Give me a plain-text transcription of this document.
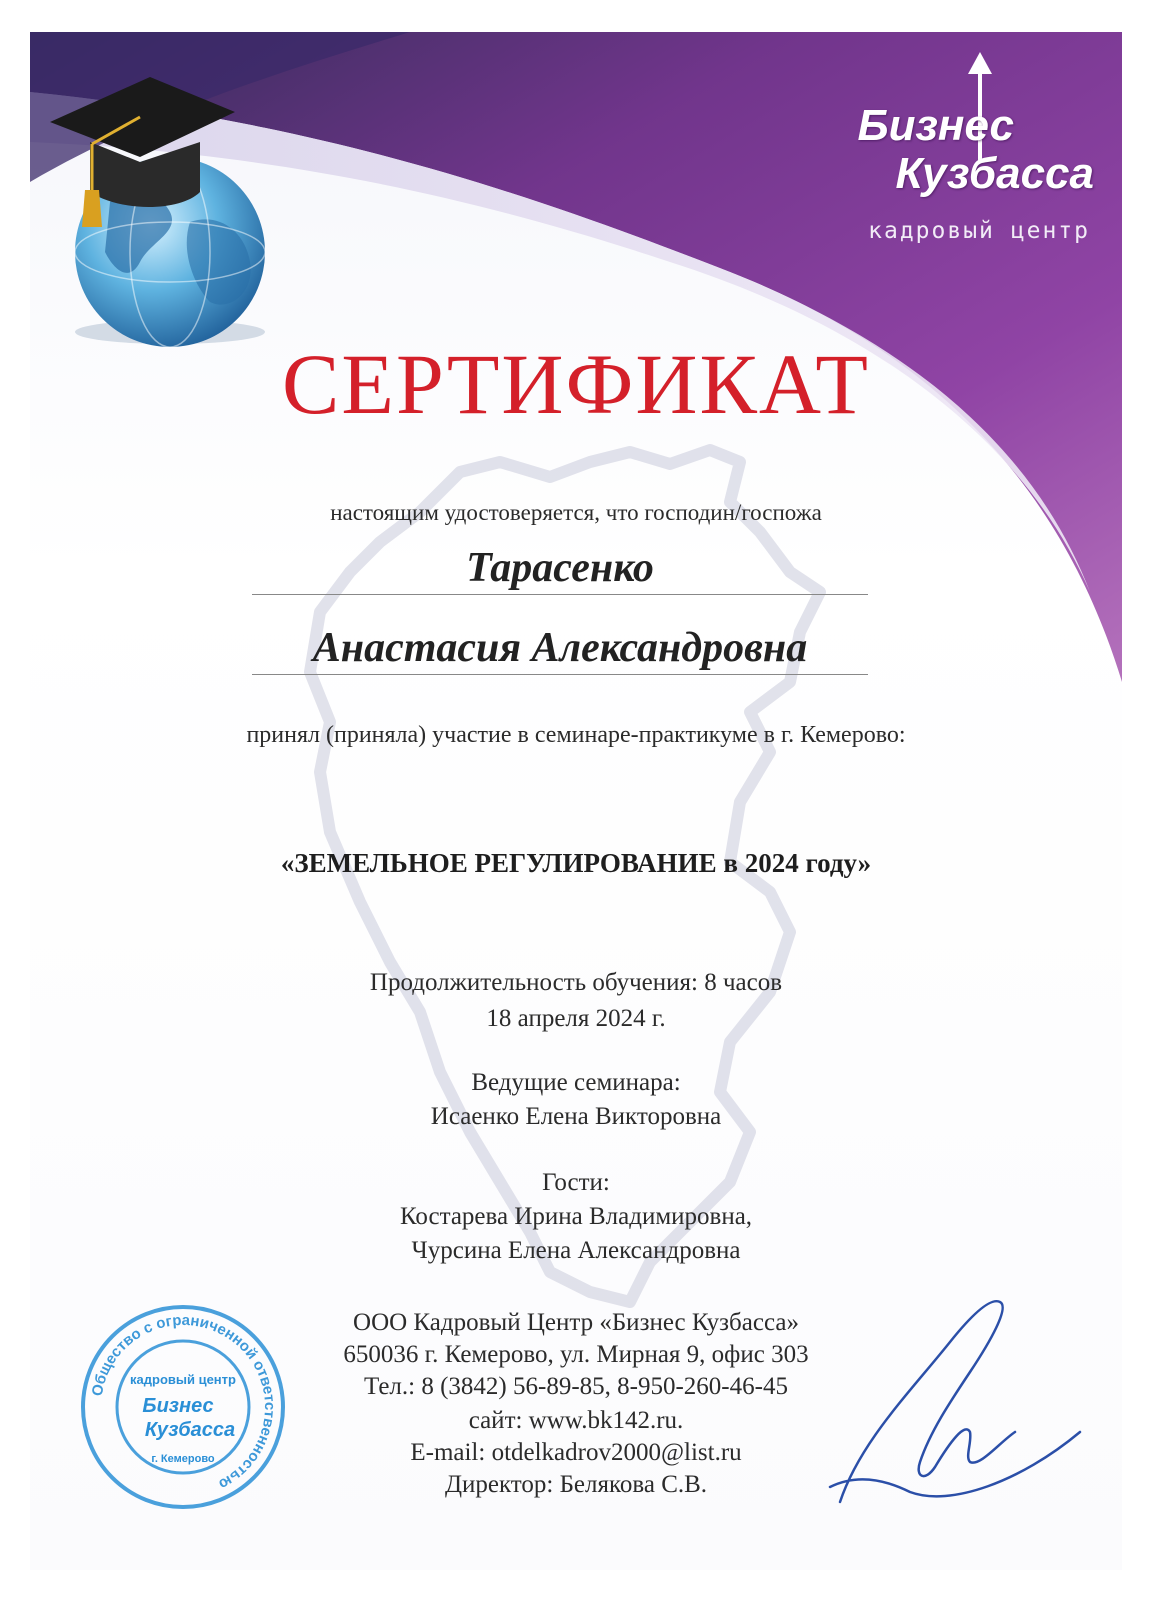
Бизнес
Кузбасса
кадровый центр
СЕРТИФИКАТ
настоящим удостоверяется, что господин/госпожа
Тарасенко
Анастасия Александровна
принял (приняла) участие в семинаре-практикуме в г. Кемерово:
«ЗЕМЕЛЬНОЕ РЕГУЛИРОВАНИЕ в 2024 году»
Продолжительность обучения: 8 часов
18 апреля 2024 г.
Ведущие семинара:
Исаенко Елена Викторовна
Гости:
Костарева Ирина Владимировна,
Чурсина Елена Александровна
ООО Кадровый Центр «Бизнес Кузбасса»
650036 г. Кемерово, ул. Мирная 9, офис 303
Тел.: 8 (3842) 56-89-85, 8-950-260-46-45
сайт: www.bk142.ru.
E-mail: otdelkadrov2000@list.ru
Директор: Белякова С.В.
Общество с ограниченной ответственностью
кадровый центр
Бизнес
Кузбасса
г. Кемерово
